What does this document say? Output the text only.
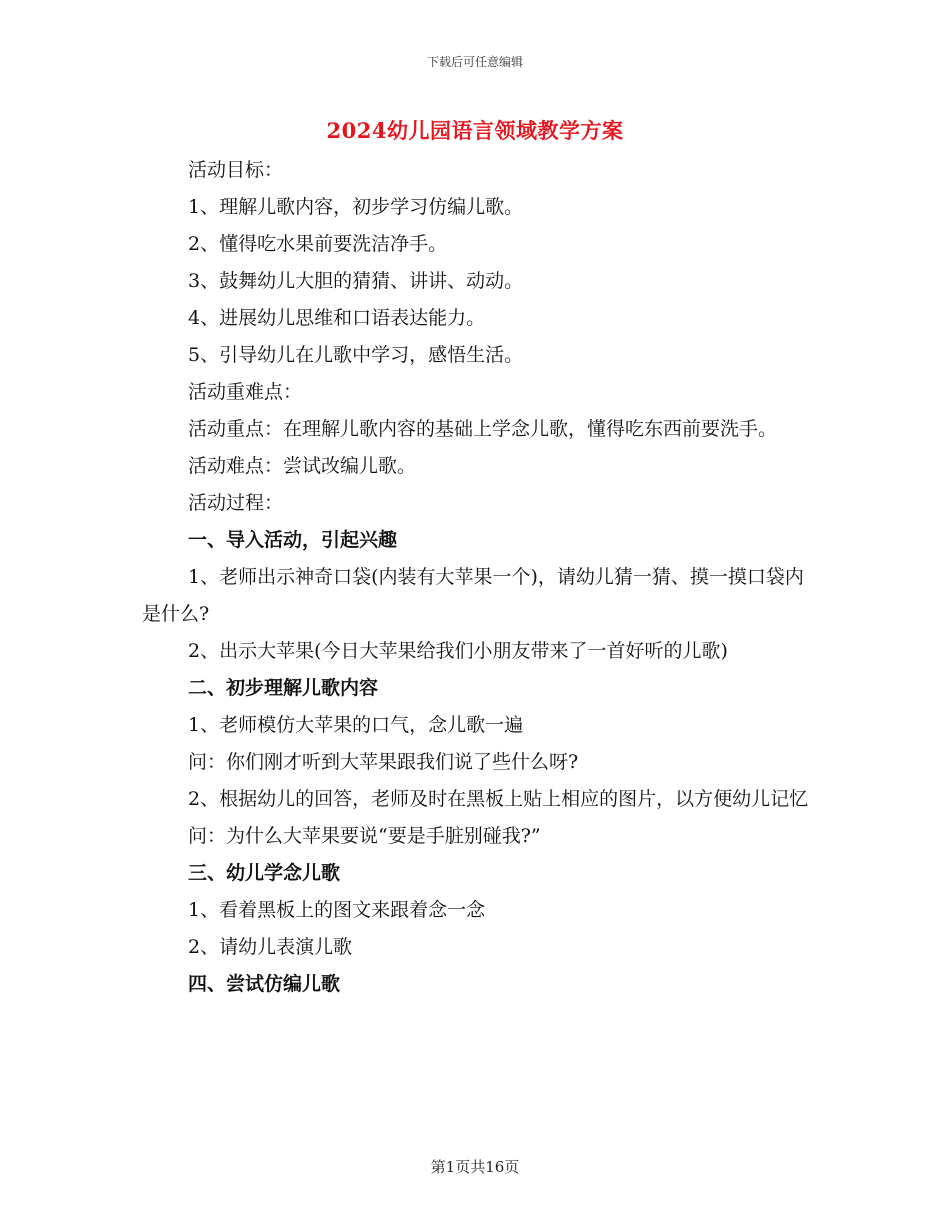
下载后可任意编辑
2024幼儿园语言领域教学方案

活动目标：

1、理解儿歌内容，初步学习仿编儿歌。

2、懂得吃水果前要洗洁净手。

3、鼓舞幼儿大胆的猜猜、讲讲、动动。

4、进展幼儿思维和口语表达能力。

5、引导幼儿在儿歌中学习，感悟生活。

活动重难点：

活动重点：在理解儿歌内容的基础上学念儿歌，懂得吃东西前要洗手。

活动难点：尝试改编儿歌。

活动过程：

一、导入活动，引起兴趣

1、老师出示神奇口袋(内装有大苹果一个)，请幼儿猜一猜、摸一摸口袋内是什么?

2、出示大苹果(今日大苹果给我们小朋友带来了一首好听的儿歌)

二、初步理解儿歌内容

1、老师模仿大苹果的口气，念儿歌一遍

问：你们刚才听到大苹果跟我们说了些什么呀?

2、根据幼儿的回答，老师及时在黑板上贴上相应的图片，以方便幼儿记忆

问：为什么大苹果要说“要是手脏别碰我?”

三、幼儿学念儿歌

1、看着黑板上的图文来跟着念一念

2、请幼儿表演儿歌

四、尝试仿编儿歌

第1页共16页
